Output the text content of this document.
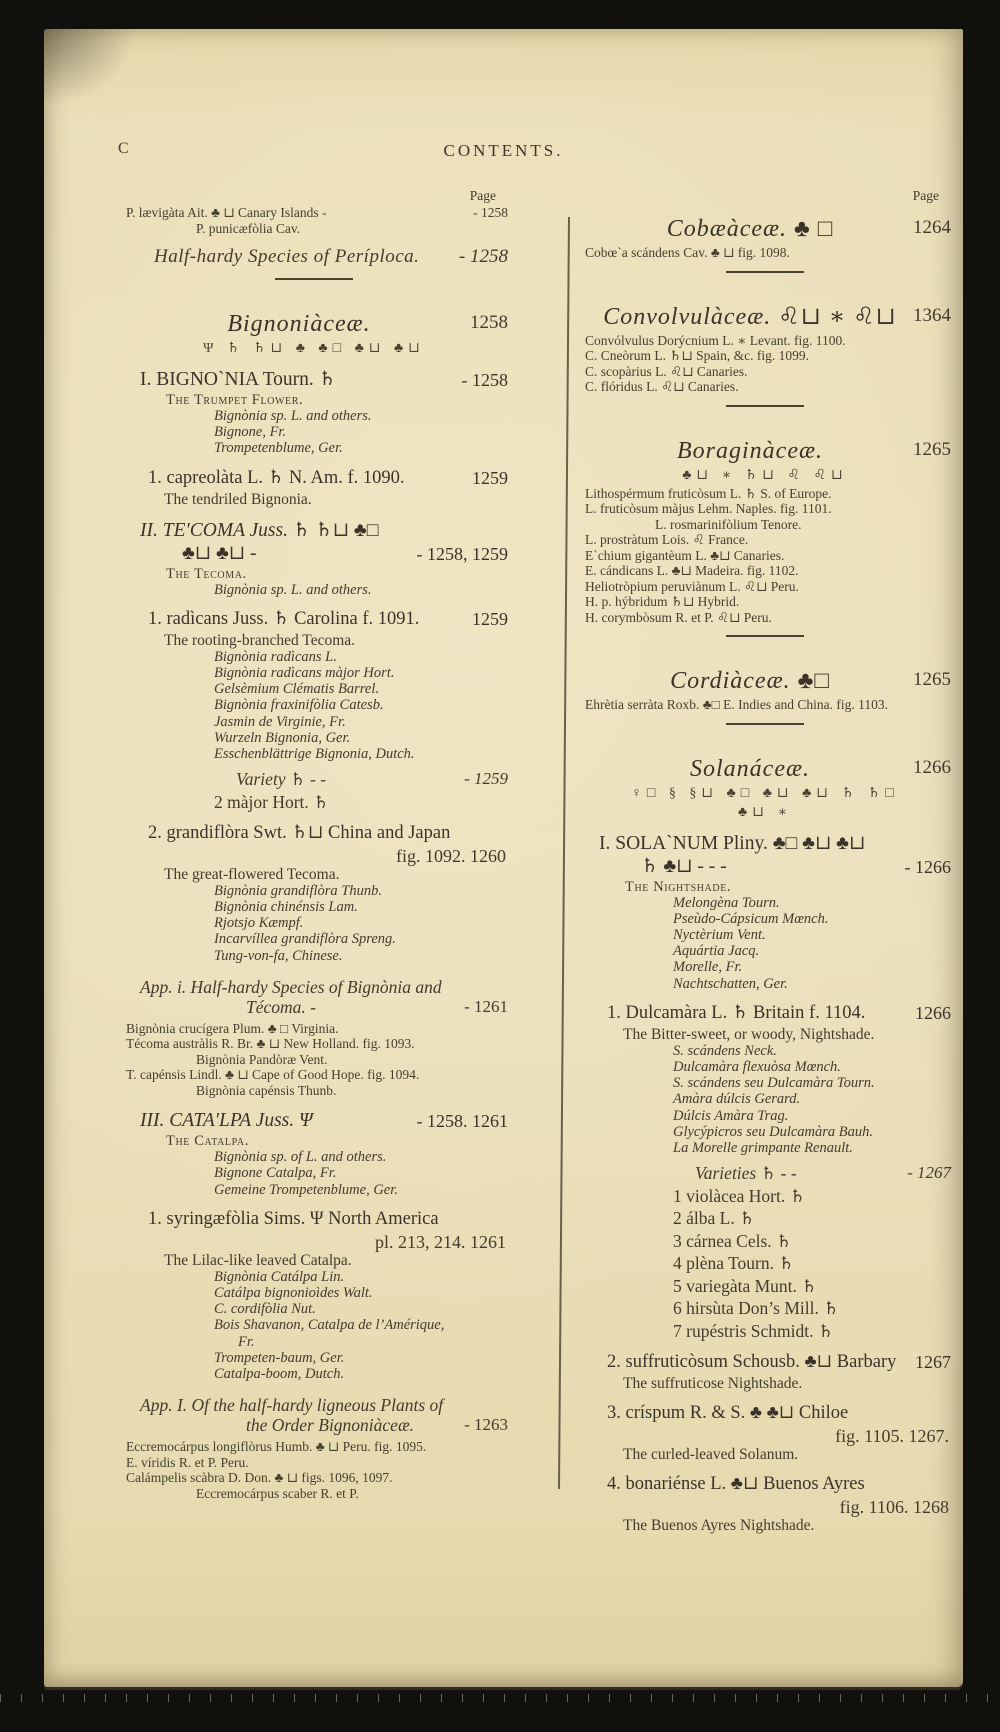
C	CONTENTS.
Page
P. lævigàta Ait. ♣ ⊔ Canary Islands -	- 1258
P. punicæfòlia Cav.
Half-hardy Species of Períploca.	- 1258
Bignoniàceæ.	1258
Ψ ♄ ♄⊔ ♣ ♣□ ♣⊔ ♣⊔
I. BIGNO`NIA Tourn. ♄	- 1258
The Trumpet Flower.
Bignònia sp. L. and others.
Bignone, Fr.
Trompetenblume, Ger.
1. capreolàta L. ♄ N. Am. f. 1090.	1259
The tendriled Bignonia.
II. TE′COMA Juss. ♄ ♄⊔ ♣□
♣⊔ ♣⊔ -	- 1258, 1259
The Tecoma.
Bignònia sp. L. and others.
1. radìcans Juss. ♄ Carolina f. 1091.	1259
The rooting-branched Tecoma.
Bignònia radìcans L.
Bignònia radìcans màjor Hort.
Gelsèmium Clématis Barrel.
Bignònia fraxinifòlia Catesb.
Jasmin de Virginie, Fr.
Wurzeln Bignonia, Ger.
Esschenblättrige Bignonia, Dutch.
Variety ♄ - -	- 1259
2 màjor Hort. ♄
2. grandiflòra Swt. ♄⊔ China and Japan
fig. 1092. 1260
The great-flowered Tecoma.
Bignònia grandiflòra Thunb.
Bignònia chinénsis Lam.
Rjotsjo Kæmpf.
Incarvíllea grandiflòra Spreng.
Tung-von-fa, Chinese.
App. i. Half-hardy Species of Bignònia and
Técoma. -	- 1261
Bignònia crucígera Plum. ♣ □ Virginia.
Técoma austràlis R. Br. ♣ ⊔ New Holland. fig. 1093.
Bignònia Pandòræ Vent.
T. capénsis Lindl. ♣ ⊔ Cape of Good Hope. fig. 1094.
Bignònia capénsis Thunb.
III. CATA′LPA Juss. Ψ	- 1258. 1261
The Catalpa.
Bignònia sp. of L. and others.
Bignone Catalpa, Fr.
Gemeine Trompetenblume, Ger.
1. syringæfòlia Sims. Ψ North America
pl. 213, 214. 1261
The Lilac-like leaved Catalpa.
Bignònia Catálpa Lin.
Catálpa bignonioìdes Walt.
C. cordifòlia Nut.
Bois Shavanon, Catalpa de l’Amérique,
Fr.
Trompeten-baum, Ger.
Catalpa-boom, Dutch.
App. I. Of the half-hardy ligneous Plants of
the Order Bignoniàceæ.	- 1263
Eccremocárpus longiflòrus Humb. ♣ ⊔ Peru. fig. 1095.
E. víridis R. et P. Peru.
Calámpelis scàbra D. Don. ♣ ⊔ figs. 1096, 1097.
Eccremocárpus scaber R. et P.
Page
Cobæàceæ. ♣ □	1264
Cobœ`a scándens Cav. ♣ ⊔ fig. 1098.
Convolvulàceæ. ♌⊔ ∗ ♌⊔ 1364
Convólvulus Dorýcnium L. ∗ Levant. fig. 1100.
C. Cneòrum L. ♄⊔ Spain, &c. fig. 1099.
C. scopàrius L. ♌⊔ Canaries.
C. flóridus L. ♌⊔ Canaries.
Boraginàceæ.	1265
♣⊔ ∗ ♄⊔ ♌ ♌⊔
Lithospérmum fruticòsum L. ♄ S. of Europe.
L. fruticòsum màjus Lehm. Naples. fig. 1101.
L. rosmarinifòlium Tenore.
L. prostràtum Lois. ♌ France.
E`chium gigantèum L. ♣⊔ Canaries.
E. cándicans L. ♣⊔ Madeira. fig. 1102.
Heliotròpium peruviànum L. ♌⊔ Peru.
H. p. hýbridum ♄⊔ Hybrid.
H. corymbòsum R. et P. ♌⊔ Peru.
Cordiàceæ. ♣□	1265
Ehrètia serràta Roxb. ♣□ E. Indies and China. fig. 1103.
Solanáceæ.	1266
♀□ § §⊔ ♣□ ♣⊔ ♣⊔ ♄ ♄□
♣⊔ ∗
I. SOLA`NUM Pliny. ♣□ ♣⊔ ♣⊔
♄ ♣⊔ - - -	- 1266
The Nightshade.
Melongèna Tourn.
Pseùdo-Cápsicum Mœnch.
Nyctèrium Vent.
Aquártia Jacq.
Morelle, Fr.
Nachtschatten, Ger.
1. Dulcamàra L. ♄ Britain f. 1104.	1266
The Bitter-sweet, or woody, Nightshade.
S. scándens Neck.
Dulcamàra flexuòsa Mœnch.
S. scándens seu Dulcamàra Tourn.
Amàra dúlcis Gerard.
Dúlcis Amàra Trag.
Glycýpicros seu Dulcamàra Bauh.
La Morelle grimpante Renault.
Varieties ♄ - -	- 1267
1 violàcea Hort. ♄
2 álba L. ♄
3 cárnea Cels. ♄
4 plèna Tourn. ♄
5 variegàta Munt. ♄
6 hirsùta Don’s Mill. ♄
7 rupéstris Schmidt. ♄
2. suffruticòsum Schousb. ♣⊔ Barbary	1267
The suffruticose Nightshade.
3. críspum R. & S. ♣ ♣⊔ Chiloe
fig. 1105. 1267.
The curled-leaved Solanum.
4. bonariénse L. ♣⊔ Buenos Ayres
fig. 1106. 1268
The Buenos Ayres Nightshade.
